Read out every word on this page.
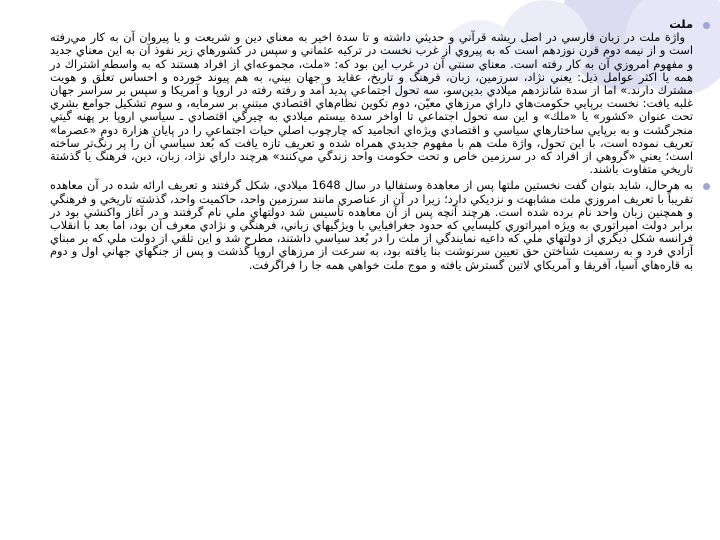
ملت
واژة ملت در زبان فارسي در اصل ريشه قرآني و حديثي داشته و تا سدة اخير به معناي دين و شريعت و يا پيروان آن به كار مي‌رفته است و از نيمه دوم قرن نوزدهم است كه به پيروي از غرب نخست در تركيه عثماني و سپس در كشورهاي زير نفوذ آن به اين معناي جديد و مفهوم امروزي آن به كار رفته است. معناي سنتي آن در غرب اين بود كه: «ملت، مجموعه‌اي از افراد هستند كه به واسطه اشتراك در همه يا اكثر عوامل ذيل: يعني نژاد، سرزمين، زبان، فرهنگ و تاريخ، عقايد و جهان بيني، به هم پيوند خورده و احساس تعلّق و هويت مشترك دارند.» اما از سدة شانزدهم ميلادي بدين‌سو، سه تحول اجتماعي پديد آمد و رفته رفته در اروپا و آمريكا و سپس بر سراسر جهان غلبه يافت: نخست برپايي حكومت‌هاي داراي مرزهاي معيّن، دوم تكوين نظام‌هاي اقتصادي مبتني بر سرمايه، و سوم تشكيل جوامع بشري تحت عنوان «كشور» يا «ملك» و اين سه تحول اجتماعي تا اواخر سدة بيستم ميلادي به چيرگي اقتصادي ـ سياسي اروپا بر پهنه گيتي منجرگشت و به برپايي ساختارهاي سياسي و اقتصادي ويژه‌اي انجاميد كه چارچوب اصلي حيات اجتماعي را در پايان هزارة دوم «عصرما» تعريف نموده است، با اين تحول، واژة ملت هم با مفهوم جديدي همراه شده و تعريف تازه يافت كه بُعد سياسي آن را پر رنگ‌تر ساخته است؛ يعني «گروهي از افراد كه در سرزمين خاص و تحت حكومت واحد زندگي مي‌كنند» هرچند داراي نژاد، زبان، دين، فرهنگ يا گذشتة تاريخي متفاوت باشند.
به هرحال، شايد بتوان گفت نخستين ملتها پس از معاهدة وستفاليا در سال 1648 ميلادي، شكل گرفتند و تعريف ارائه شده در آن معاهده تقريباً با تعريف امروزي ملت مشابهت و نزديكي دارد؛ زيرا در آن از عناصري مانند سرزمين واحد، حاكميت واحد، گذشته تاريخي و فرهنگي و همچنين زبان واحد نام برده شده است. هرچند آنچه پس از آن معاهده تأسيس شد دولتهاي ملي نام گرفتند و در آغاز واكنشي بود در برابر دولت امپراتوري به ويژه امپراتوري كليسايي كه حدود جغرافيايي با ويژگيهاي زباني، فرهنگي و نژادي معرف آن بود، اما بعد با انقلاب فرانسه شكل ديگري از دولتهاي ملي كه داعيه نمايندگي از ملت را در بُعد سياسي داشتند، مطرح شد و اين تلقي از دولت ملي كه بر مبناي آزادي فرد و به رسميت شناختن حق تعيين سرنوشت بنا يافته بود، به سرعت از مرزهاي اروپا گذشت و پس از جنگهاي جهاني اول و دوم به قاره‌هاي آسيا، آفريقا و آمريكاي لاتين گسترش يافته و موج ملت خواهي همه جا را فراگرفت.
